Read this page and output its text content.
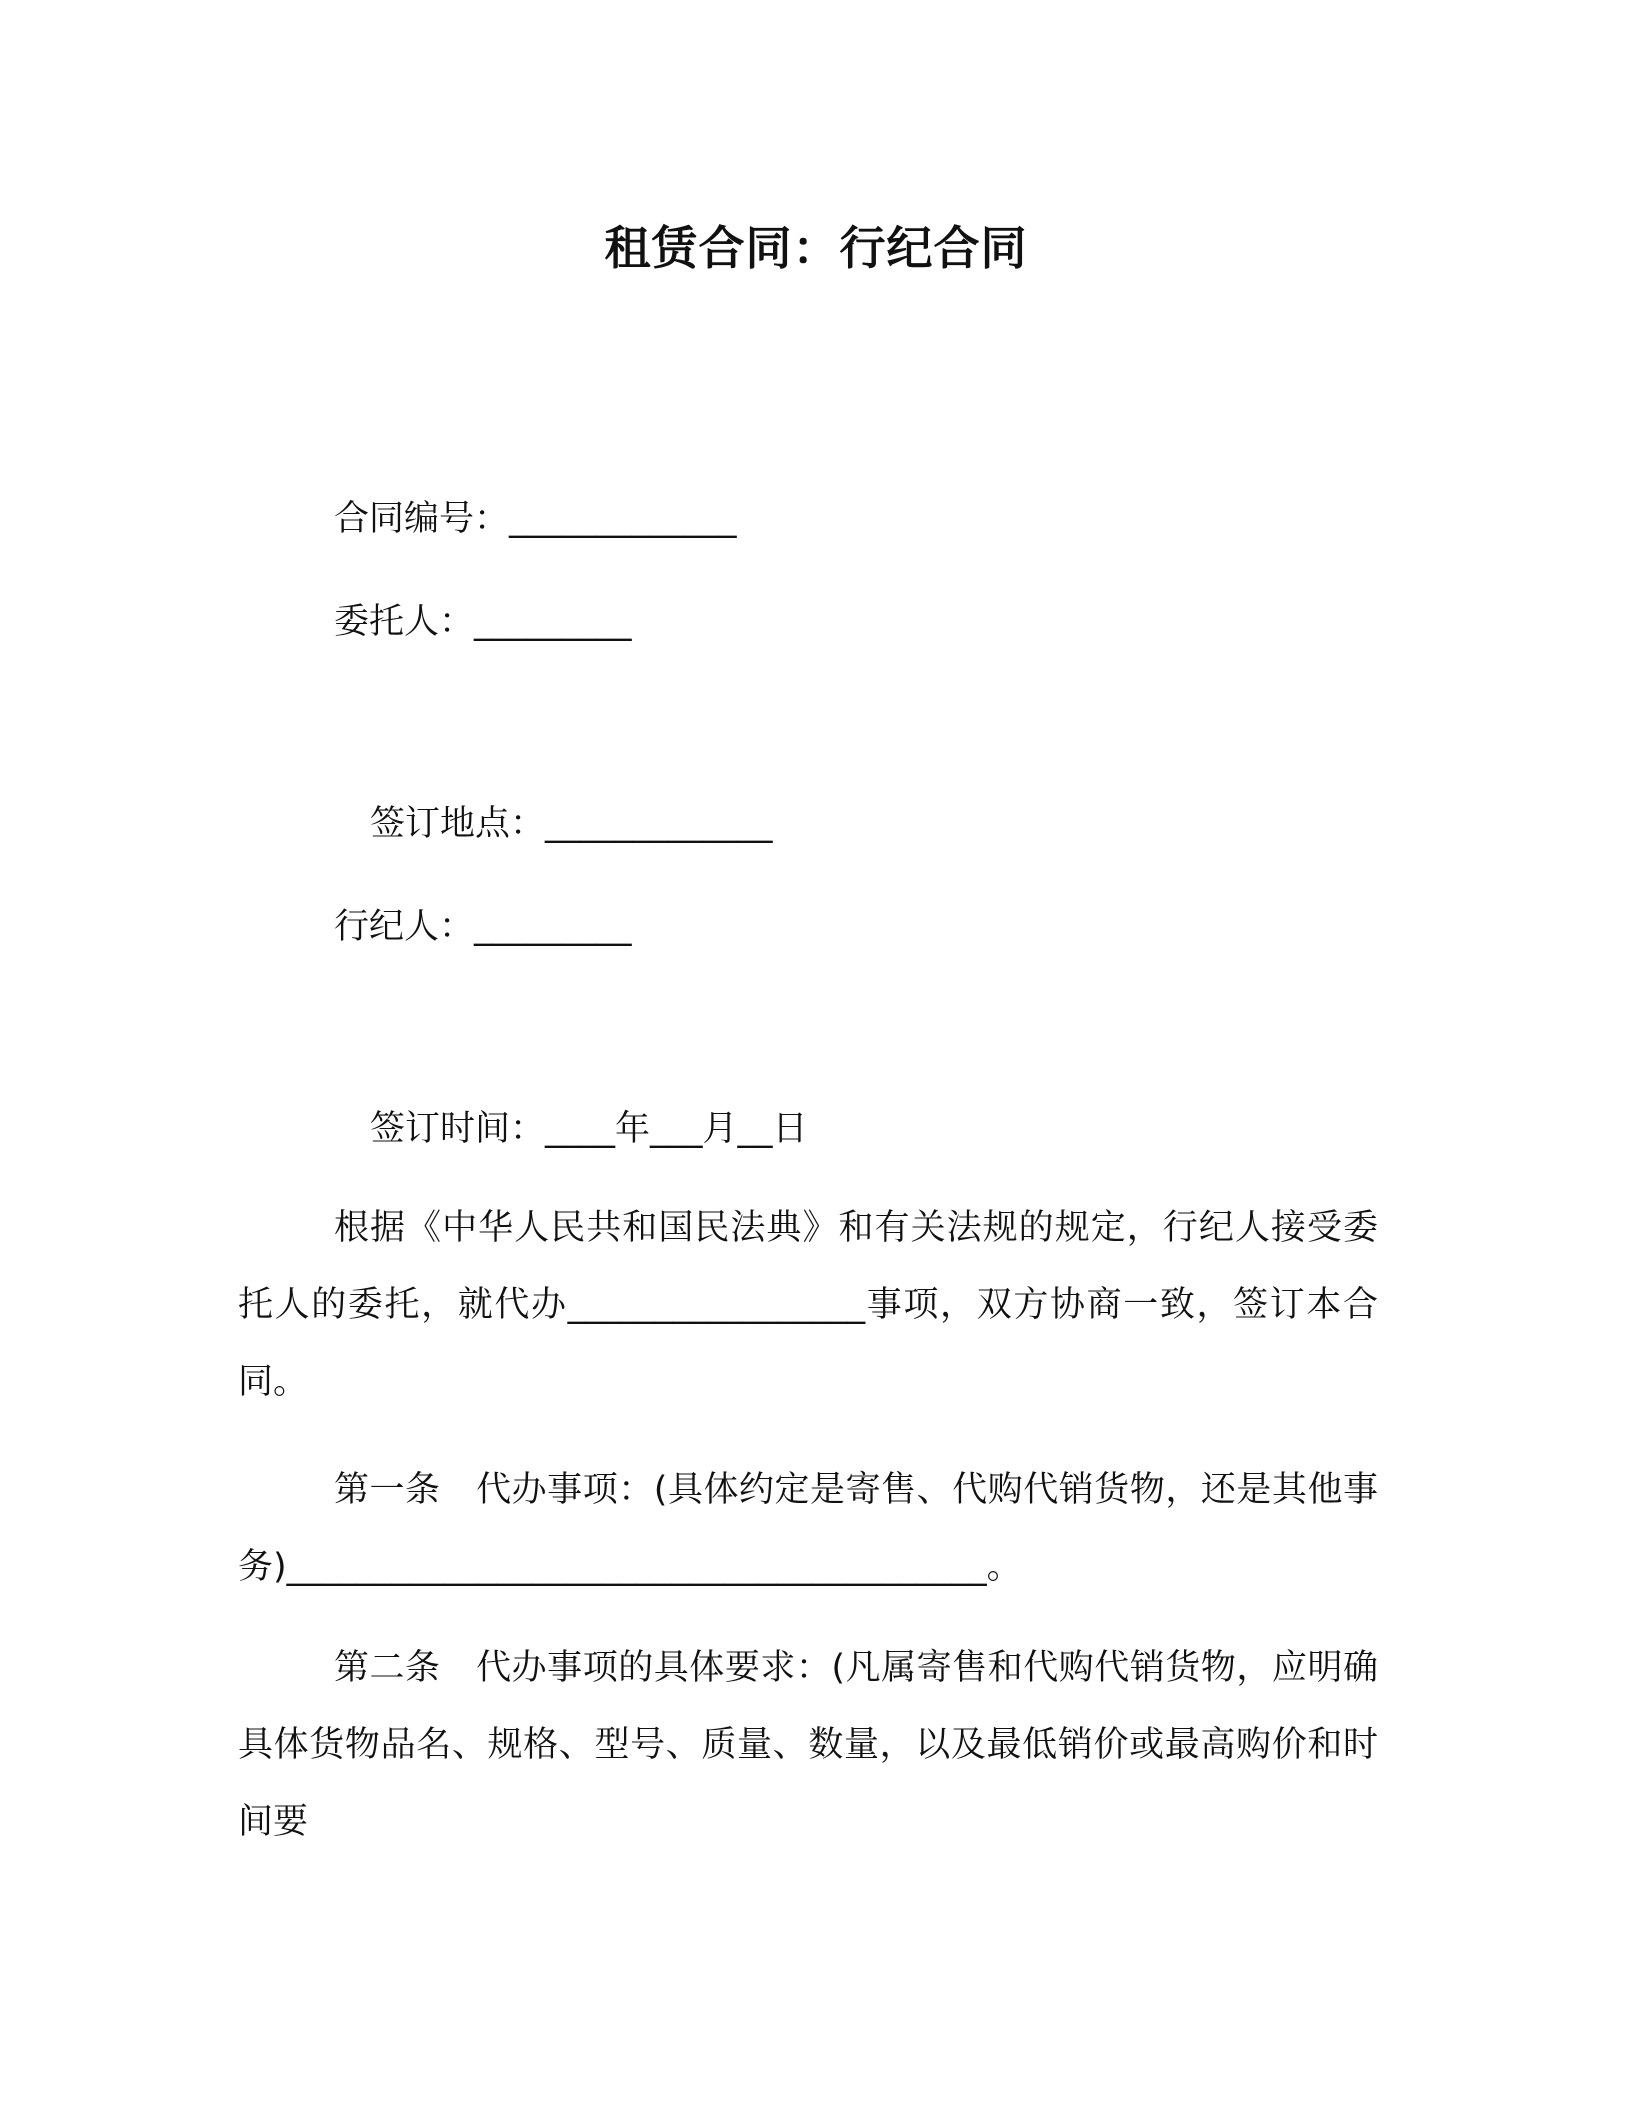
租赁合同：行纪合同
合同编号：_____________
委托人：_________
签订地点：_____________
行纪人：_________
签订时间：____年___月__日
根据《中华人民共和国民法典》和有关法规的规定，行纪人接受委托人的委托，就代办_________________事项，双方协商一致，签订本合同。
第一条　代办事项：(具体约定是寄售、代购代销货物，还是其他事务)________________________________________。
第二条　代办事项的具体要求：(凡属寄售和代购代销货物，应明确具体货物品名、规格、型号、质量、数量，以及最低销价或最高购价和时间要
